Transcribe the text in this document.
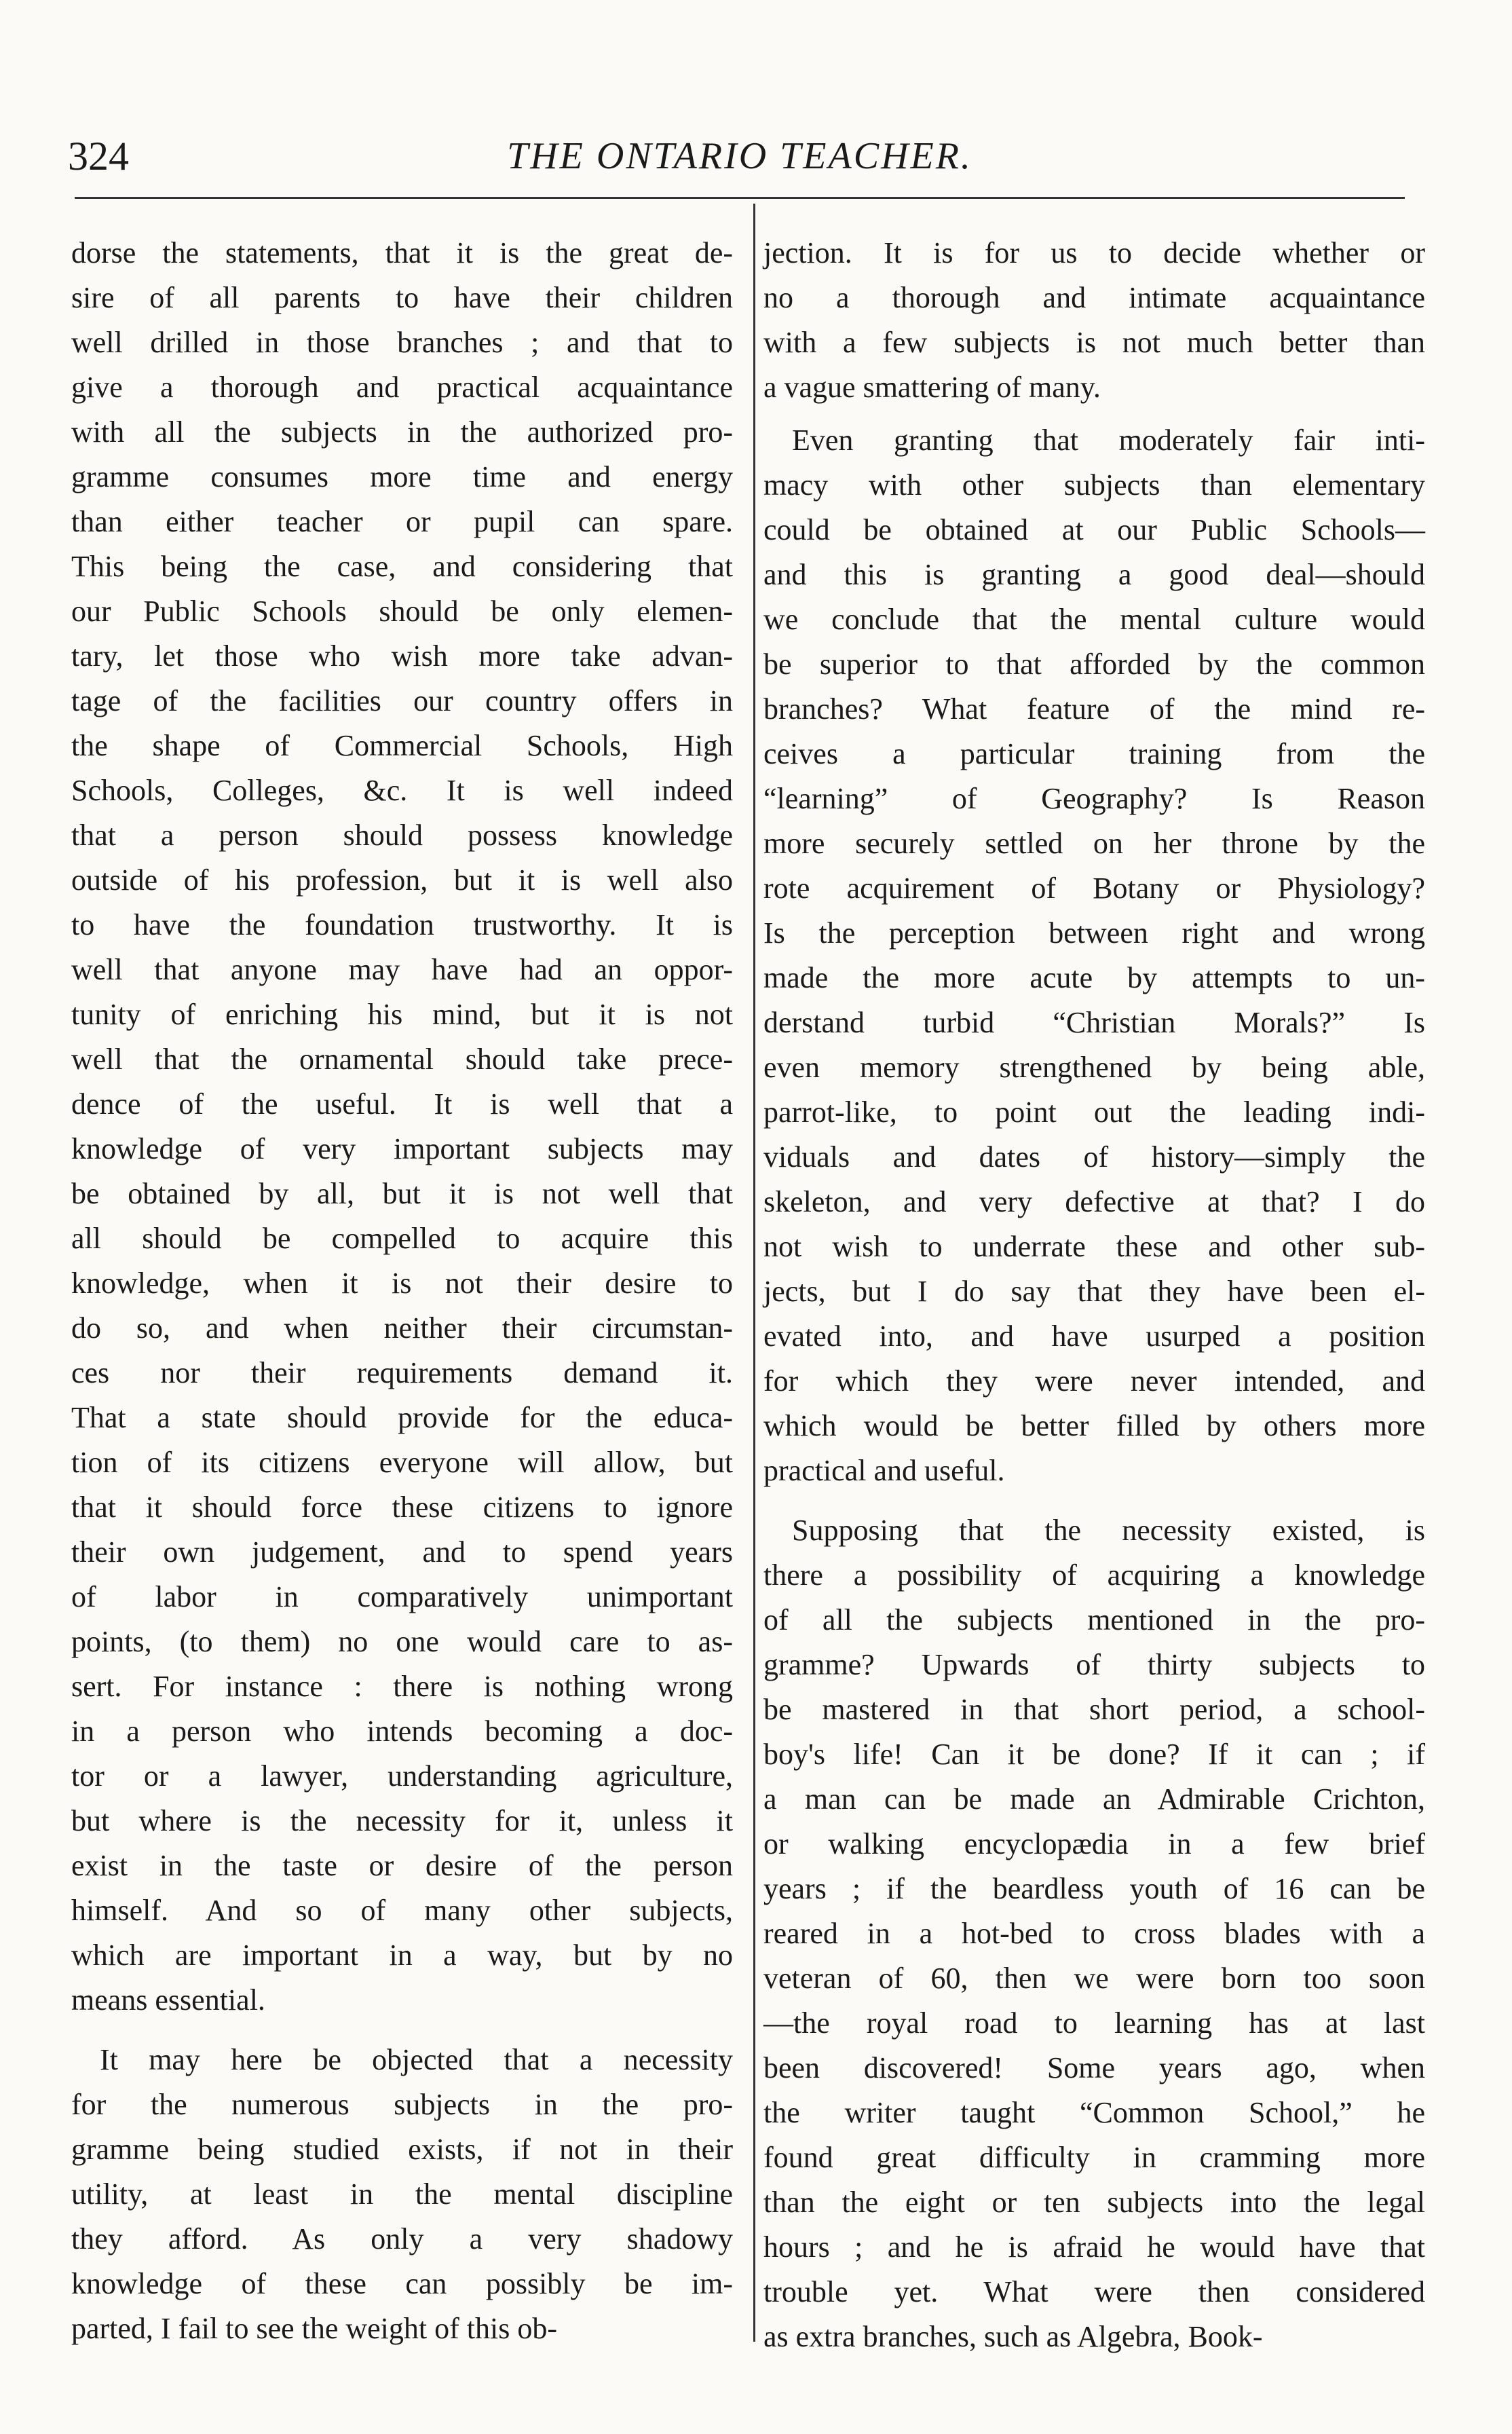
324	THE ONTARIO TEACHER.
dorse the statements, that it is the great de-
sire of all parents to have their children
well drilled in those branches ; and that to
give a thorough and practical acquaintance
with all the subjects in the authorized pro-
gramme consumes more time and energy
than either teacher or pupil can spare.
This being the case, and considering that
our Public Schools should be only elemen-
tary, let those who wish more take advan-
tage of the facilities our country offers in
the shape of Commercial Schools, High
Schools, Colleges, &c. It is well indeed
that a person should possess knowledge
outside of his profession, but it is well also
to have the foundation trustworthy. It is
well that anyone may have had an oppor-
tunity of enriching his mind, but it is not
well that the ornamental should take prece-
dence of the useful. It is well that a
knowledge of very important subjects may
be obtained by all, but it is not well that
all should be compelled to acquire this
knowledge, when it is not their desire to
do so, and when neither their circumstan-
ces nor their requirements demand it.
That a state should provide for the educa-
tion of its citizens everyone will allow, but
that it should force these citizens to ignore
their own judgement, and to spend years
of labor in comparatively unimportant
points, (to them) no one would care to as-
sert. For instance : there is nothing wrong
in a person who intends becoming a doc-
tor or a lawyer, understanding agriculture,
but where is the necessity for it, unless it
exist in the taste or desire of the person
himself. And so of many other subjects,
which are important in a way, but by no
means essential.
It may here be objected that a necessity
for the numerous subjects in the pro-
gramme being studied exists, if not in their
utility, at least in the mental discipline
they afford. As only a very shadowy
knowledge of these can possibly be im-
parted, I fail to see the weight of this ob-
jection. It is for us to decide whether or
no a thorough and intimate acquaintance
with a few subjects is not much better than
a vague smattering of many.
Even granting that moderately fair inti-
macy with other subjects than elementary
could be obtained at our Public Schools—
and this is granting a good deal—should
we conclude that the mental culture would
be superior to that afforded by the common
branches? What feature of the mind re-
ceives a particular training from the
“learning” of Geography? Is Reason
more securely settled on her throne by the
rote acquirement of Botany or Physiology?
Is the perception between right and wrong
made the more acute by attempts to un-
derstand turbid “Christian Morals?” Is
even memory strengthened by being able,
parrot-like, to point out the leading indi-
viduals and dates of history—simply the
skeleton, and very defective at that? I do
not wish to underrate these and other sub-
jects, but I do say that they have been el-
evated into, and have usurped a position
for which they were never intended, and
which would be better filled by others more
practical and useful.
Supposing that the necessity existed, is
there a possibility of acquiring a knowledge
of all the subjects mentioned in the pro-
gramme? Upwards of thirty subjects to
be mastered in that short period, a school-
boy's life! Can it be done? If it can ; if
a man can be made an Admirable Crichton,
or walking encyclopædia in a few brief
years ; if the beardless youth of 16 can be
reared in a hot-bed to cross blades with a
veteran of 60, then we were born too soon
—the royal road to learning has at last
been discovered! Some years ago, when
the writer taught “Common School,” he
found great difficulty in cramming more
than the eight or ten subjects into the legal
hours ; and he is afraid he would have that
trouble yet. What were then considered
as extra branches, such as Algebra, Book-
